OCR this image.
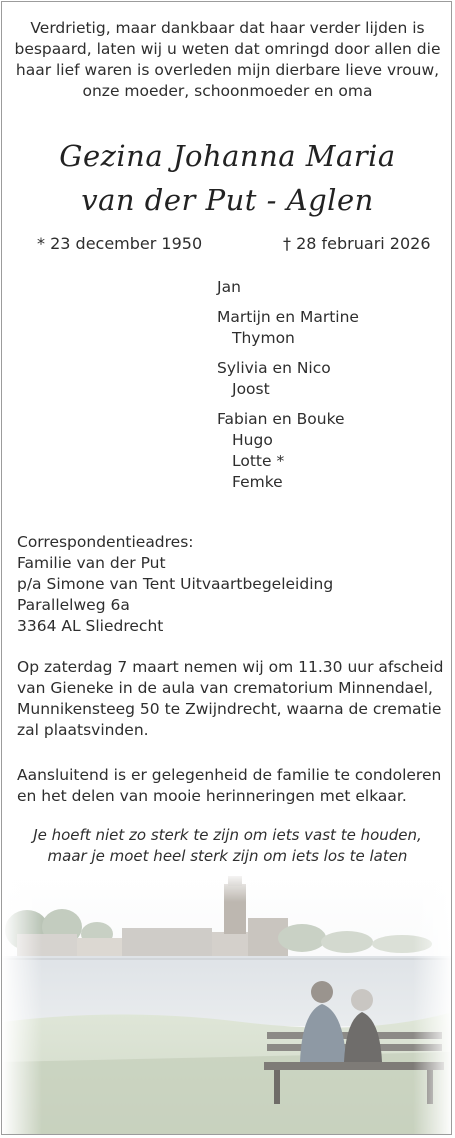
Verdrietig, maar dankbaar dat haar verder lijden is
bespaard, laten wij u weten dat omringd door allen die
haar lief waren is overleden mijn dierbare lieve vrouw,
onze moeder, schoonmoeder en oma
Gezina Johanna Maria
van der Put - Aglen
* 23 december 1950	† 28 februari 2026
Jan
Martijn en Martine
Thymon
Sylivia en Nico
Joost
Fabian en Bouke
Hugo
Lotte *
Femke
Correspondentieadres:
Familie van der Put
p/a Simone van Tent Uitvaartbegeleiding
Parallelweg 6a
3364 AL Sliedrecht
Op zaterdag 7 maart nemen wij om 11.30 uur afscheid
van Gieneke in de aula van crematorium Minnendael,
Munnikensteeg 50 te Zwijndrecht, waarna de crematie
zal plaatsvinden.
Aansluitend is er gelegenheid de familie te condoleren
en het delen van mooie herinneringen met elkaar.
Je hoeft niet zo sterk te zijn om iets vast te houden,
maar je moet heel sterk zijn om iets los te laten
